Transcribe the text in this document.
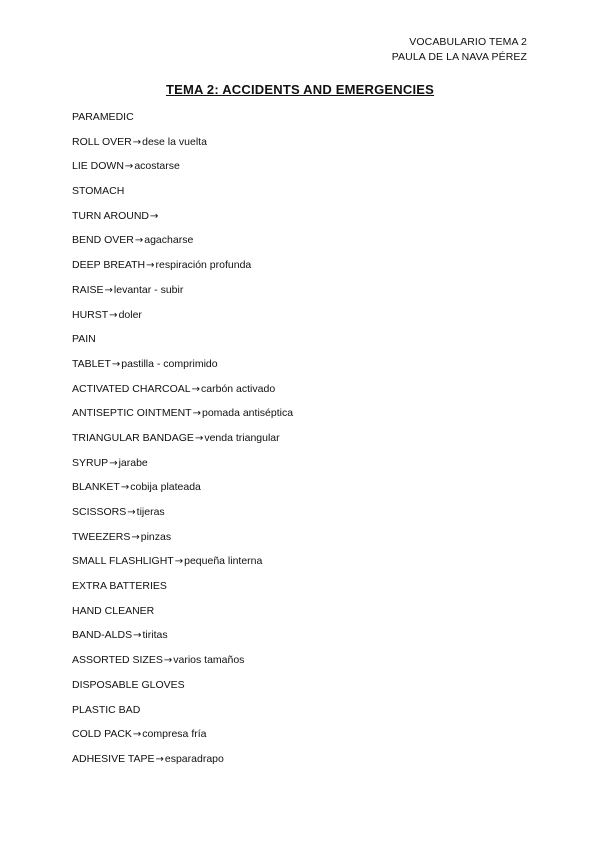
VOCABULARIO TEMA 2
PAULA DE LA NAVA PÉREZ
TEMA 2: ACCIDENTS AND EMERGENCIES
PARAMEDIC
ROLL OVER→dese la vuelta
LIE DOWN→acostarse
STOMACH
TURN AROUND→
BEND OVER→agacharse
DEEP BREATH→respiración profunda
RAISE→levantar - subir
HURST→doler
PAIN
TABLET→pastilla - comprimido
ACTIVATED CHARCOAL→carbón activado
ANTISEPTIC OINTMENT→pomada antiséptica
TRIANGULAR BANDAGE→venda triangular
SYRUP→jarabe
BLANKET→cobija plateada
SCISSORS→tijeras
TWEEZERS→pinzas
SMALL FLASHLIGHT→pequeña linterna
EXTRA BATTERIES
HAND CLEANER
BAND-ALDS→tiritas
ASSORTED SIZES→varios tamaños
DISPOSABLE GLOVES
PLASTIC BAD
COLD PACK→compresa fría
ADHESIVE TAPE→esparadrapo
